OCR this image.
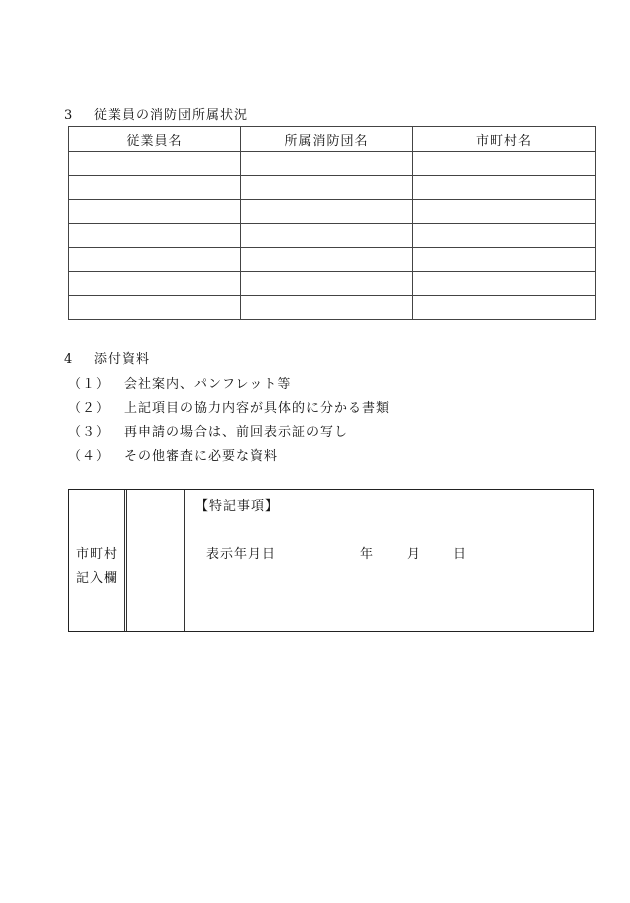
3 従業員の消防団所属状況
従業員名	所属消防団名	市町村名

4 添付資料
（１） 会社案内、パンフレット等
（２） 上記項目の協力内容が具体的に分かる書類
（３） 再申請の場合は、前回表示証の写し
（４） その他審査に必要な資料
市町村
記入欄
【特記事項】
表示年月日	年	月 日
